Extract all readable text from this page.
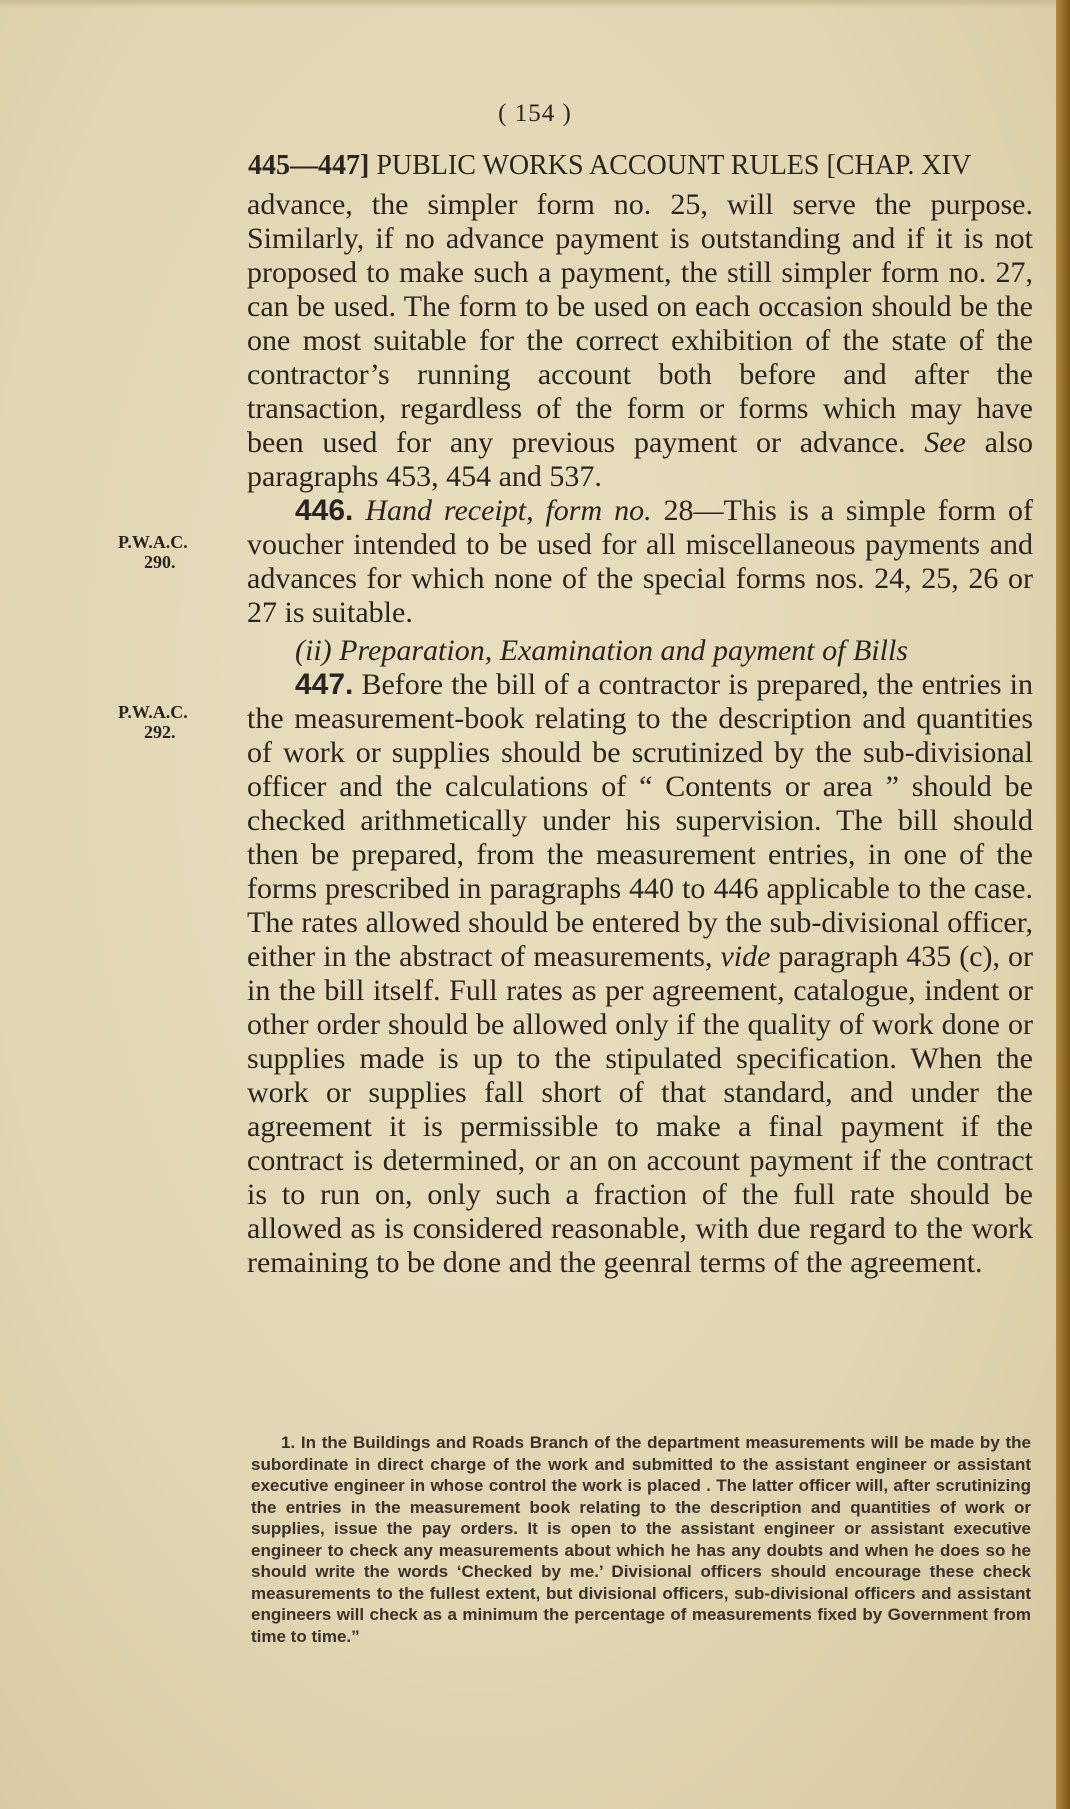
( 154 )
445—447] PUBLIC WORKS ACCOUNT RULES [CHAP. XIV
P.W.A.C.
290.
P.W.A.C.
292.

advance, the simpler form no. 25, will serve the purpose. Similarly, if no advance payment is outstanding and if it is not proposed to make such a payment, the still simpler form no. 27, can be used. The form to be used on each occasion should be the one most suitable for the correct exhibition of the state of the contractor’s running account both before and after the transaction, regardless of the form or forms which may have been used for any previous payment or advance. See also paragraphs 453, 454 and 537.

446. Hand receipt, form no. 28—This is a simple form of voucher intended to be used for all miscellaneous payments and advances for which none of the special forms nos. 24, 25, 26 or 27 is suitable.

(ii) Preparation, Examination and payment of Bills

447. Before the bill of a contractor is prepared, the entries in the measurement-book relating to the description and quantities of work or supplies should be scrutinized by the sub-divisional officer and the calculations of “ Contents or area ” should be checked arithmetically under his supervision. The bill should then be prepared, from the measurement entries, in one of the forms prescribed in paragraphs 440 to 446 applicable to the case. The rates allowed should be entered by the sub-divisional officer, either in the abstract of measurements, vide paragraph 435 (c), or in the bill itself. Full rates as per agreement, catalogue, indent or other order should be allowed only if the quality of work done or supplies made is up to the stipulated specification. When the work or supplies fall short of that standard, and under the agreement it is permissible to make a final payment if the contract is determined, or an on account payment if the contract is to run on, only such a fraction of the full rate should be allowed as is considered reasonable, with due regard to the work remaining to be done and the geenral terms of the agreement.

1. In the Buildings and Roads Branch of the department measurements will be made by the subordinate in direct charge of the work and submitted to the assistant engineer or assistant executive engineer in whose control the work is placed . The latter officer will, after scrutinizing the entries in the measurement book relating to the description and quantities of work or supplies, issue the pay orders. It is open to the assistant engineer or assistant executive engineer to check any measurements about which he has any doubts and when he does so he should write the words ‘Checked by me.’ Divisional officers should encourage these check measurements to the fullest extent, but divisional officers, sub-divisional officers and assistant engineers will check as a minimum the percentage of measurements fixed by Government from time to time.”
